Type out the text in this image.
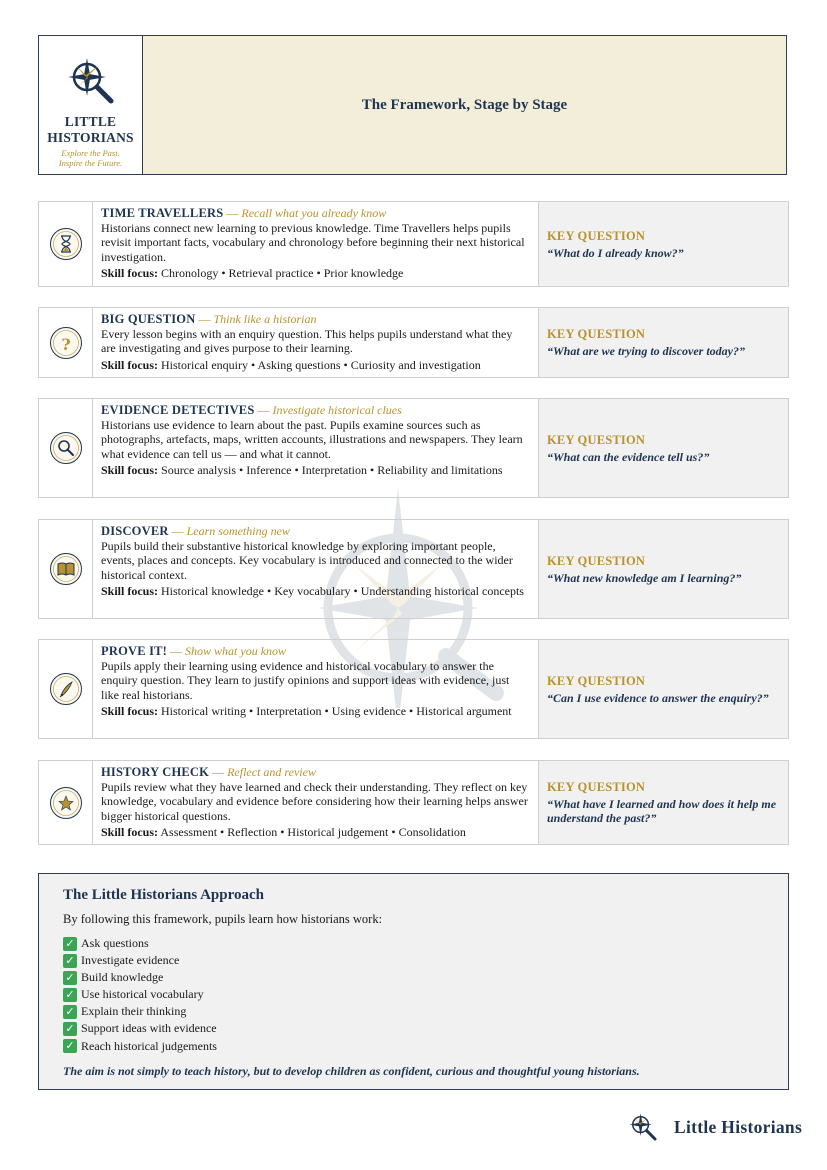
LITTLE
HISTORIANS
Explore the Past.
Inspire the Future.
The Framework, Stage by Stage
TIME TRAVELLERS — Recall what you already know
Historians connect new learning to previous knowledge. Time Travellers helps pupils revisit important facts, vocabulary and chronology before beginning their next historical investigation.
Skill focus: Chronology • Retrieval practice • Prior knowledge
KEY QUESTION
“What do I already know?”
?
BIG QUESTION — Think like a historian
Every lesson begins with an enquiry question. This helps pupils understand what they are investigating and gives purpose to their learning.
Skill focus: Historical enquiry • Asking questions • Curiosity and investigation
KEY QUESTION
“What are we trying to discover today?”
EVIDENCE DETECTIVES — Investigate historical clues
Historians use evidence to learn about the past. Pupils examine sources such as photographs, artefacts, maps, written accounts, illustrations and newspapers. They learn what evidence can tell us — and what it cannot.
Skill focus: Source analysis • Inference • Interpretation • Reliability and limitations
KEY QUESTION
“What can the evidence tell us?”
DISCOVER — Learn something new
Pupils build their substantive historical knowledge by exploring important people, events, places and concepts. Key vocabulary is introduced and connected to the wider historical context.
Skill focus: Historical knowledge • Key vocabulary • Understanding historical concepts
KEY QUESTION
“What new knowledge am I learning?”
PROVE IT! — Show what you know
Pupils apply their learning using evidence and historical vocabulary to answer the enquiry question. They learn to justify opinions and support ideas with evidence, just like real historians.
Skill focus: Historical writing • Interpretation • Using evidence • Historical argument
KEY QUESTION
“Can I use evidence to answer the enquiry?”
HISTORY CHECK — Reflect and review
Pupils review what they have learned and check their understanding. They reflect on key knowledge, vocabulary and evidence before considering how their learning helps answer bigger historical questions.
Skill focus: Assessment • Reflection • Historical judgement • Consolidation
KEY QUESTION
“What have I learned and how does it help me understand the past?”
The Little Historians Approach
By following this framework, pupils learn how historians work:
✓ Ask questions
✓ Investigate evidence
✓ Build knowledge
✓ Use historical vocabulary
✓ Explain their thinking
✓ Support ideas with evidence
✓ Reach historical judgements
The aim is not simply to teach history, but to develop children as confident, curious and thoughtful young historians.
Little Historians
